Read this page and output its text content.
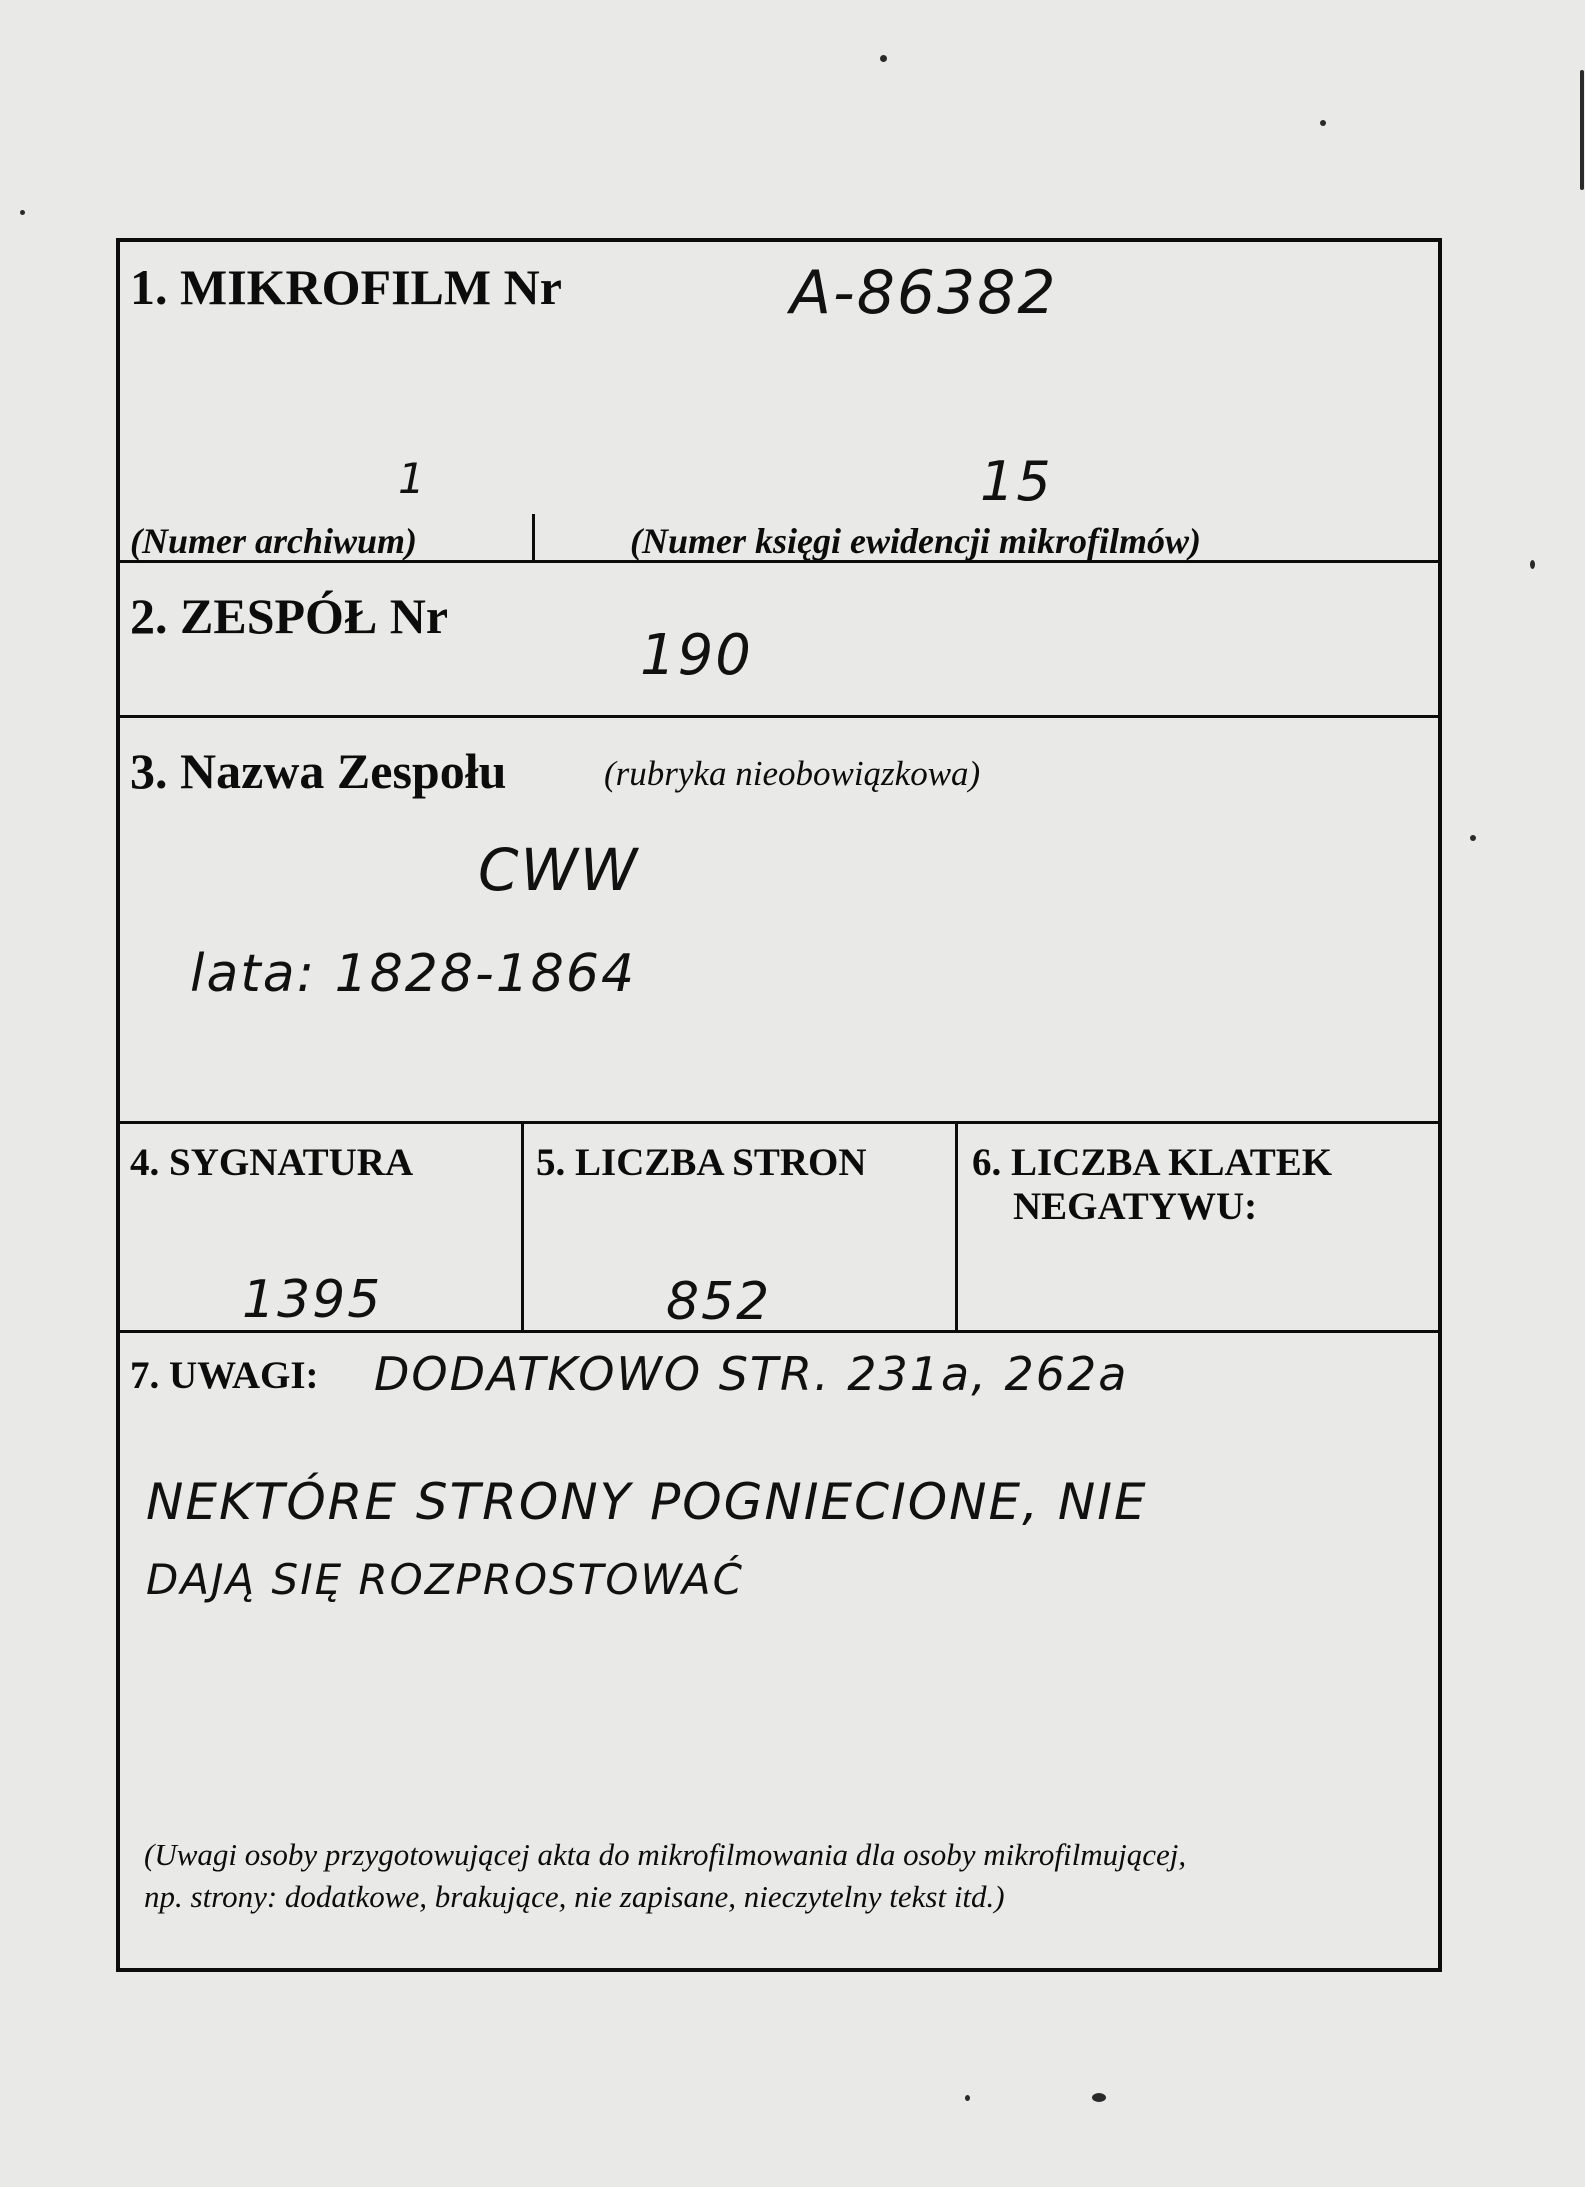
1. MIKROFILM Nr	A-86382
1	15
(Numer archiwum)	(Numer księgi ewidencji mikrofilmów)
2. ZESPÓŁ Nr
190
3. Nazwa Zespołu	(rubryka nieobowiązkowa)
CWW
lata: 1828-1864
4. SYGNATURA
1395
5. LICZBA STRON
852
6. LICZBA KLATEK
NEGATYWU:
7. UWAGI: DODATKOWO STR. 231a, 262a
NEKTÓRE STRONY POGNIECIONE, NIE
DAJĄ SIĘ ROZPROSTOWAĆ
(Uwagi osoby przygotowującej akta do mikrofilmowania dla osoby mikrofilmującej,
np. strony: dodatkowe, brakujące, nie zapisane, nieczytelny tekst itd.)
